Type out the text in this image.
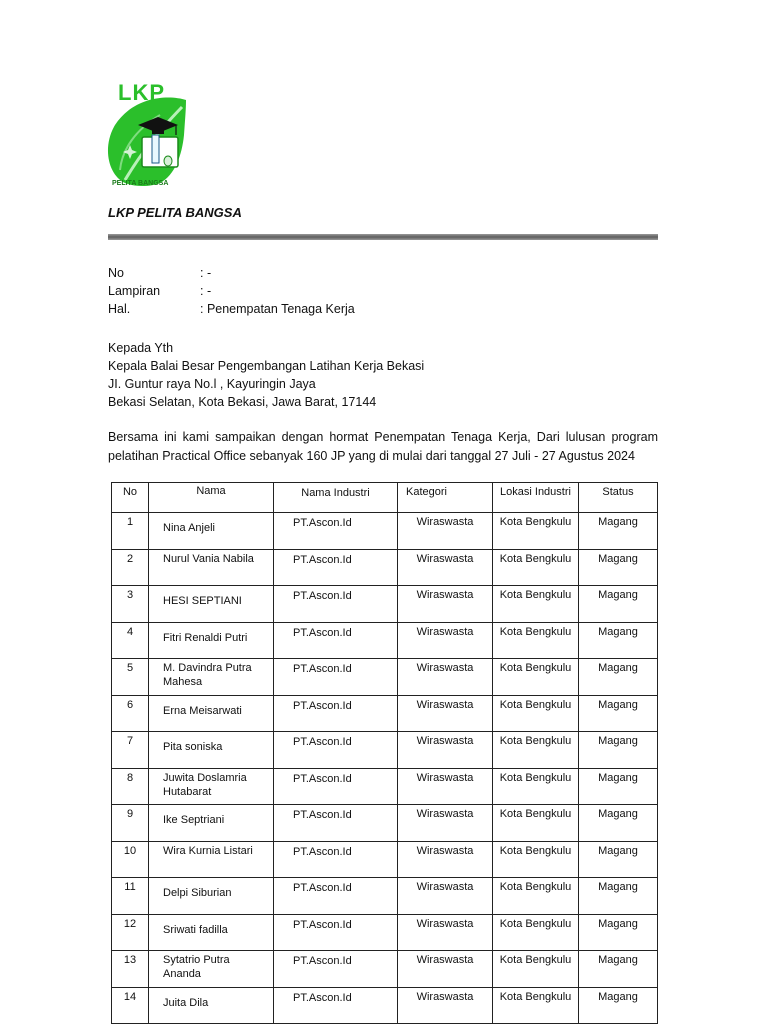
LKP
PELITA BANGSA
LKP PELITA BANGSA
No	: -
Lampiran	: -
Hal.	: Penempatan Tenaga Kerja
Kepada Yth
Kepala Balai Besar Pengembangan Latihan Kerja Bekasi
JI. Guntur raya No.l , Kayuringin Jaya
Bekasi Selatan, Kota Bekasi, Jawa Barat, 17144
Bersama ini kami sampaikan dengan hormat Penempatan Tenaga Kerja, Dari lulusan program pelatihan Practical Office sebanyak 160 JP yang di mulai dari tanggal 27 Juli - 27 Agustus 2024
No	Nama	Nama Industri	Kategori	Lokasi Industri	Status
1	Nina Anjeli	PT.Ascon.Id	Wiraswasta	Kota Bengkulu	Magang
2	Nurul Vania Nabila	PT.Ascon.Id	Wiraswasta	Kota Bengkulu	Magang
3	HESI SEPTIANI	PT.Ascon.Id	Wiraswasta	Kota Bengkulu	Magang
4	Fitri Renaldi Putri	PT.Ascon.Id	Wiraswasta	Kota Bengkulu	Magang
5	M. Davindra Putra Mahesa	PT.Ascon.Id	Wiraswasta	Kota Bengkulu	Magang
6	Erna Meisarwati	PT.Ascon.Id	Wiraswasta	Kota Bengkulu	Magang
7	Pita soniska	PT.Ascon.Id	Wiraswasta	Kota Bengkulu	Magang
8	Juwita Doslamria Hutabarat	PT.Ascon.Id	Wiraswasta	Kota Bengkulu	Magang
9	Ike Septriani	PT.Ascon.Id	Wiraswasta	Kota Bengkulu	Magang
10	Wira Kurnia Listari	PT.Ascon.Id	Wiraswasta	Kota Bengkulu	Magang
11	Delpi Siburian	PT.Ascon.Id	Wiraswasta	Kota Bengkulu	Magang
12	Sriwati fadilla	PT.Ascon.Id	Wiraswasta	Kota Bengkulu	Magang
13	Sytatrio Putra Ananda	PT.Ascon.Id	Wiraswasta	Kota Bengkulu	Magang
14	Juita Dila	PT.Ascon.Id	Wiraswasta	Kota Bengkulu	Magang
